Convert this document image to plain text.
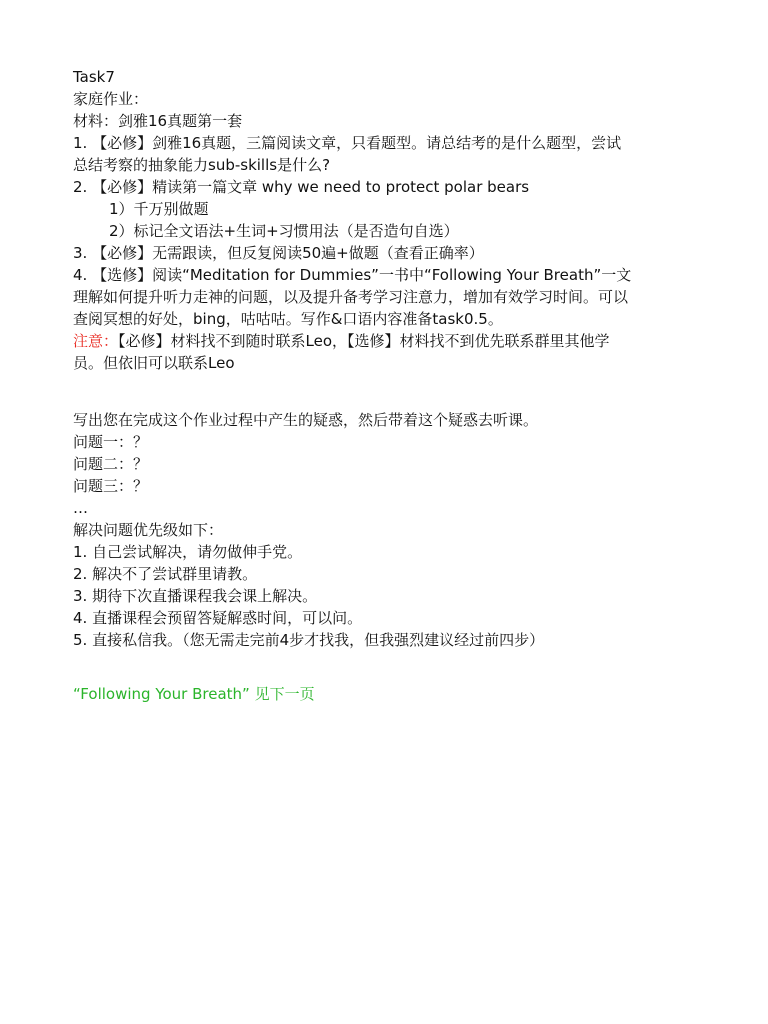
Task7
家庭作业：
材料：剑雅16真题第一套
1. 【必修】剑雅16真题，三篇阅读文章，只看题型。请总结考的是什么题型，尝试
总结考察的抽象能力sub-skills是什么?
2. 【必修】精读第一篇文章 why we need to protect polar bears
1）千万别做题
2）标记全文语法+生词+习惯用法（是否造句自选）
3. 【必修】无需跟读，但反复阅读50遍+做题（查看正确率）
4. 【选修】阅读“Meditation for Dummies”一书中“Following Your Breath”一文
理解如何提升听力走神的问题，以及提升备考学习注意力，增加有效学习时间。可以
查阅冥想的好处，bing，咕咕咕。写作&口语内容准备task0.5。
注意：【必修】材料找不到随时联系Leo，【选修】材料找不到优先联系群里其他学
员。但依旧可以联系Leo
写出您在完成这个作业过程中产生的疑惑，然后带着这个疑惑去听课。
问题一：？
问题二：？
问题三：？
…
解决问题优先级如下：
1. 自己尝试解决，请勿做伸手党。
2. 解决不了尝试群里请教。
3. 期待下次直播课程我会课上解决。
4. 直播课程会预留答疑解惑时间，可以问。
5. 直接私信我。（您无需走完前4步才找我，但我强烈建议经过前四步）
“Following Your Breath” 见下一页
